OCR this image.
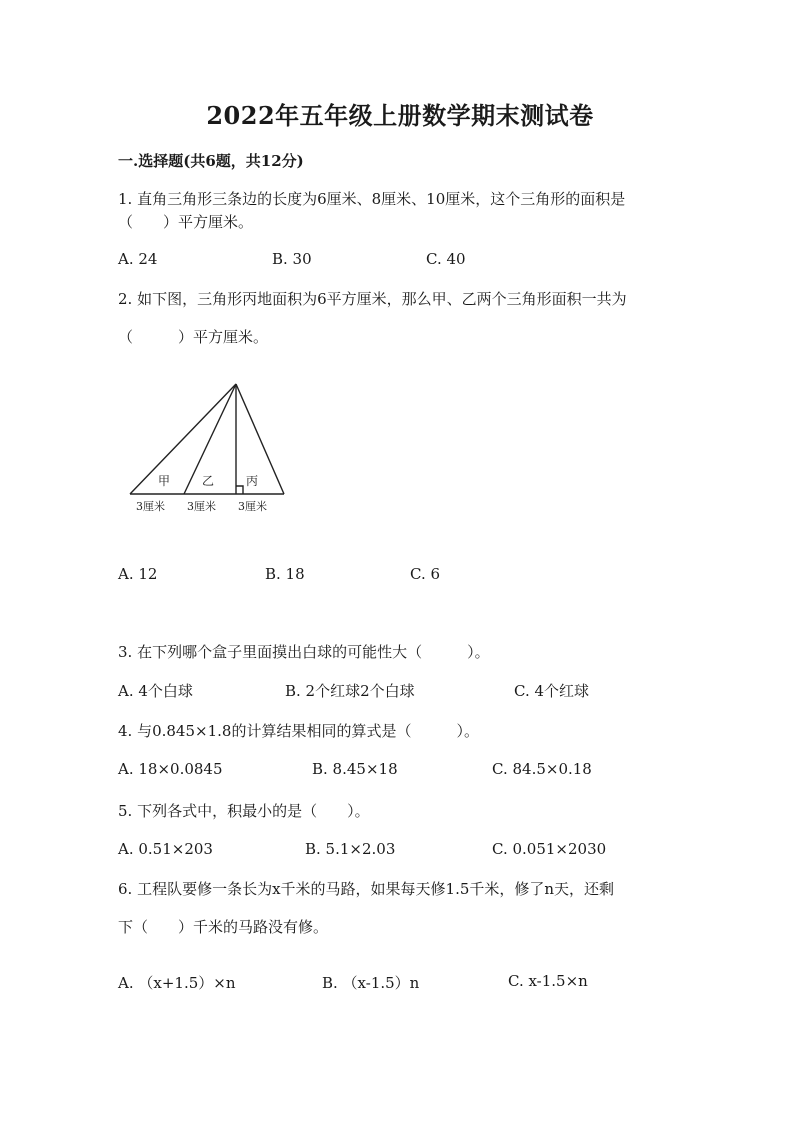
2022年五年级上册数学期末测试卷
一.选择题(共6题，共12分)
1. 直角三角形三条边的长度为6厘米、8厘米、10厘米，这个三角形的面积是
（　　）平方厘米。
A. 24	B. 30	C. 40
2. 如下图，三角形丙地面积为6平方厘米，那么甲、乙两个三角形面积一共为
（　　　）平方厘米。
甲	乙	丙
3厘米 3厘米 3厘米
A. 12	B. 18	C. 6
3. 在下列哪个盒子里面摸出白球的可能性大（　　　）。
A. 4个白球	B. 2个红球2个白球	C. 4个红球
4. 与0.845×1.8的计算结果相同的算式是（　　　）。
A. 18×0.0845	B. 8.45×18	C. 84.5×0.18
5. 下列各式中，积最小的是（　　）。
A. 0.51×203	B. 5.1×2.03	C. 0.051×2030
6. 工程队要修一条长为x千米的马路，如果每天修1.5千米，修了n天，还剩
下（　　）千米的马路没有修。
A. （x+1.5）×n	B. （x-1.5）n	C. x-1.5×n
